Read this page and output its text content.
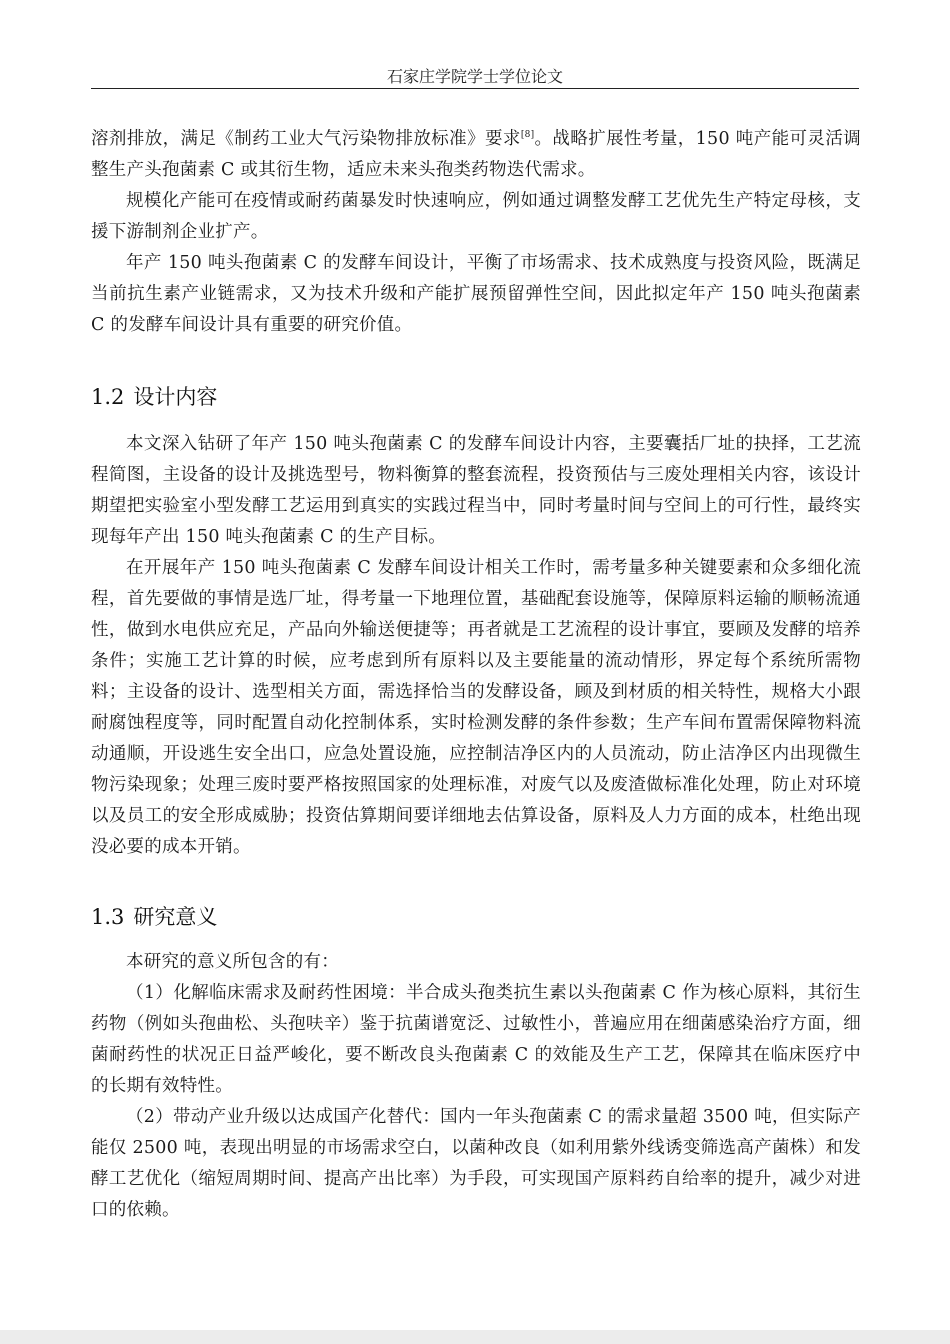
石家庄学院学士学位论文

溶剂排放，满足《制药工业大气污染物排放标准》要求[8]。战略扩展性考量，150 吨产能可灵活调整生产头孢菌素 C 或其衍生物，适应未来头孢类药物迭代需求。

规模化产能可在疫情或耐药菌暴发时快速响应，例如通过调整发酵工艺优先生产特定母核，支援下游制剂企业扩产。

年产 150 吨头孢菌素 C 的发酵车间设计，平衡了市场需求、技术成熟度与投资风险，既满足当前抗生素产业链需求，又为技术升级和产能扩展预留弹性空间，因此拟定年产 150 吨头孢菌素 C 的发酵车间设计具有重要的研究价值。

1.2 设计内容

本文深入钻研了年产 150 吨头孢菌素 C 的发酵车间设计内容，主要囊括厂址的抉择，工艺流程简图，主设备的设计及挑选型号，物料衡算的整套流程，投资预估与三废处理相关内容，该设计期望把实验室小型发酵工艺运用到真实的实践过程当中，同时考量时间与空间上的可行性，最终实现每年产出 150 吨头孢菌素 C 的生产目标。

在开展年产 150 吨头孢菌素 C 发酵车间设计相关工作时，需考量多种关键要素和众多细化流程，首先要做的事情是选厂址，得考量一下地理位置，基础配套设施等，保障原料运输的顺畅流通性，做到水电供应充足，产品向外输送便捷等；再者就是工艺流程的设计事宜，要顾及发酵的培养条件；实施工艺计算的时候，应考虑到所有原料以及主要能量的流动情形，界定每个系统所需物料；主设备的设计、选型相关方面，需选择恰当的发酵设备，顾及到材质的相关特性，规格大小跟耐腐蚀程度等，同时配置自动化控制体系，实时检测发酵的条件参数；生产车间布置需保障物料流动通顺，开设逃生安全出口，应急处置设施，应控制洁净区内的人员流动，防止洁净区内出现微生物污染现象；处理三废时要严格按照国家的处理标准，对废气以及废渣做标准化处理，防止对环境以及员工的安全形成威胁；投资估算期间要详细地去估算设备，原料及人力方面的成本，杜绝出现没必要的成本开销。

1.3 研究意义

本研究的意义所包含的有：

（1）化解临床需求及耐药性困境：半合成头孢类抗生素以头孢菌素 C 作为核心原料，其衍生药物（例如头孢曲松、头孢呋辛）鉴于抗菌谱宽泛、过敏性小，普遍应用在细菌感染治疗方面，细菌耐药性的状况正日益严峻化，要不断改良头孢菌素 C 的效能及生产工艺，保障其在临床医疗中的长期有效特性。

（2）带动产业升级以达成国产化替代：国内一年头孢菌素 C 的需求量超 3500 吨，但实际产能仅 2500 吨，表现出明显的市场需求空白，以菌种改良（如利用紫外线诱变筛选高产菌株）和发酵工艺优化（缩短周期时间、提高产出比率）为手段，可实现国产原料药自给率的提升，减少对进口的依赖。
